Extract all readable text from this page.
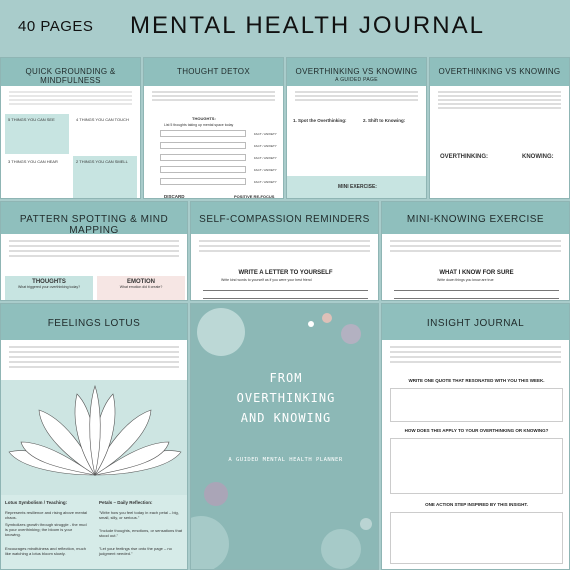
40 PAGES MENTAL HEALTH JOURNAL
QUICK GROUNDING & MINDFULNESS
5 THINGS YOU CAN SEE	4 THINGS YOU CAN TOUCH
3 THINGS YOU CAN HEAR	2 THINGS YOU CAN SMELL
THOUGHT DETOX
THOUGHTS:
List 5 thoughts taking up mental space today
FACT / ANXIETY
FACT / ANXIETY
FACT / ANXIETY
FACT / ANXIETY
FACT / ANXIETY
DISCARD	POSITIVE RE-FOCUS
OVERTHINKING VS KNOWING
A GUIDED PAGE
1. Spot the Overthinking:	2. Shift to Knowing:
MINI EXERCISE:
OVERTHINKING VS KNOWING
OVERTHINKING:	KNOWING:
PATTERN SPOTTING & MIND MAPPING
THOUGHTS
What triggered your overthinking today?
EMOTION
What emotion did it create?
SELF-COMPASSION REMINDERS
WRITE A LETTER TO YOURSELF
Write kind words to yourself as if you were your best friend
MINI-KNOWING EXERCISE
WHAT I KNOW FOR SURE
Write down things you know are true
FEELINGS LOTUS
Lotus Symbolism / Teaching:
Represents resilience and rising above mental chaos.
Symbolizes growth through struggle - the mud is your overthinking; the bloom is your knowing.
Encourages mindfulness and reflection, much like watching a lotus bloom slowly.
Petals – Daily Reflection:
"Write how you feel today in each petal – big, small, silly, or serious."
"Include thoughts, emotions, or sensations that stood out."
"Let your feelings rise onto the page – no judgment needed."
FROM OVERTHINKING AND KNOWING
A GUIDED MENTAL HEALTH PLANNER
INSIGHT JOURNAL
WRITE ONE QUOTE THAT RESONATED WITH YOU THIS WEEK.
HOW DOES THIS APPLY TO YOUR OVERTHINKING OR KNOWING?
ONE ACTION STEP INSPIRED BY THIS INSIGHT.
